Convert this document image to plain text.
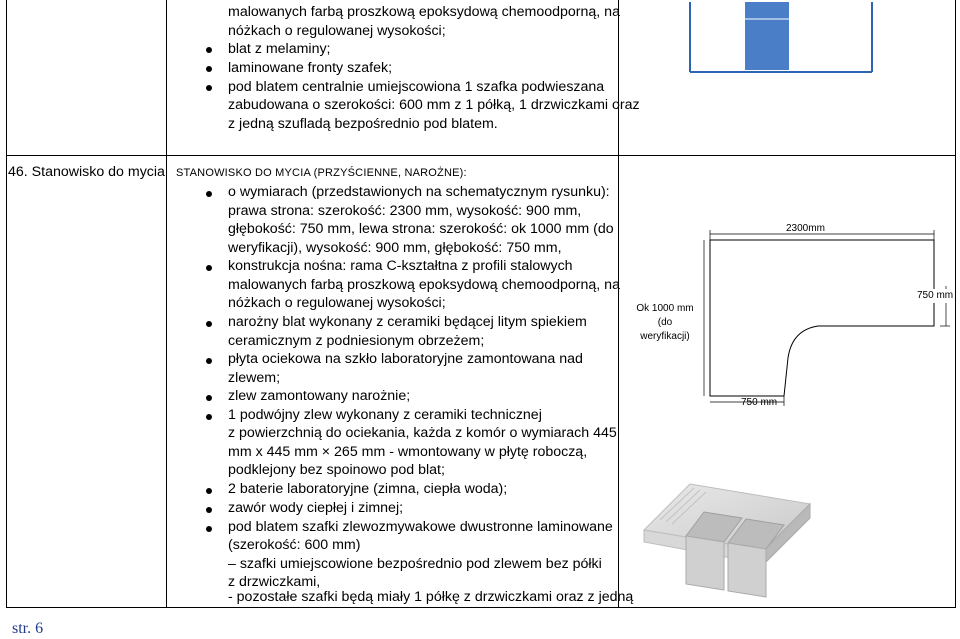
malowanych farbą proszkową epoksydową chemoodporną, na
nóżkach o regulowanej wysokości;
blat z melaminy;
laminowane fronty szafek;
pod blatem centralnie umiejscowiona 1 szafka podwieszana
zabudowana o szerokości: 600 mm z 1 półką, 1 drzwiczkami oraz
z jedną szufladą bezpośrednio pod blatem.
46. Stanowisko do mycia STANOWISKO DO MYCIA (PRZYŚCIENNE, NAROŻNE):
o wymiarach (przedstawionych na schematycznym rysunku):
prawa strona: szerokość: 2300 mm, wysokość: 900 mm,
głębokość: 750 mm, lewa strona: szerokość: ok 1000 mm (do
weryfikacji), wysokość: 900 mm, głębokość: 750 mm,
konstrukcja nośna: rama C-kształtna z profili stalowych
malowanych farbą proszkową epoksydową chemoodporną, na
nóżkach o regulowanej wysokości;
narożny blat wykonany z ceramiki będącej litym spiekiem
ceramicznym z podniesionym obrzeżem;
płyta ociekowa na szkło laboratoryjne zamontowana nad
zlewem;
zlew zamontowany narożnie;
1 podwójny zlew wykonany z ceramiki technicznej
z powierzchnią do ociekania, każda z komór o wymiarach 445
mm x 445 mm × 265 mm - wmontowany w płytę roboczą,
podklejony bez spoinowo pod blat;
2 baterie laboratoryjne (zimna, ciepła woda);
zawór wody ciepłej i zimnej;
pod blatem szafki zlewozmywakowe dwustronne laminowane
(szerokość: 600 mm)
– szafki umiejscowione bezpośrednio pod zlewem bez półki
z drzwiczkami,
- pozostałe szafki będą miały 1 półkę z drzwiczkami oraz z jedną
2300mm
750 mm
750 mm
Ok 1000 mm
(do
weryfikacji)
str. 6
